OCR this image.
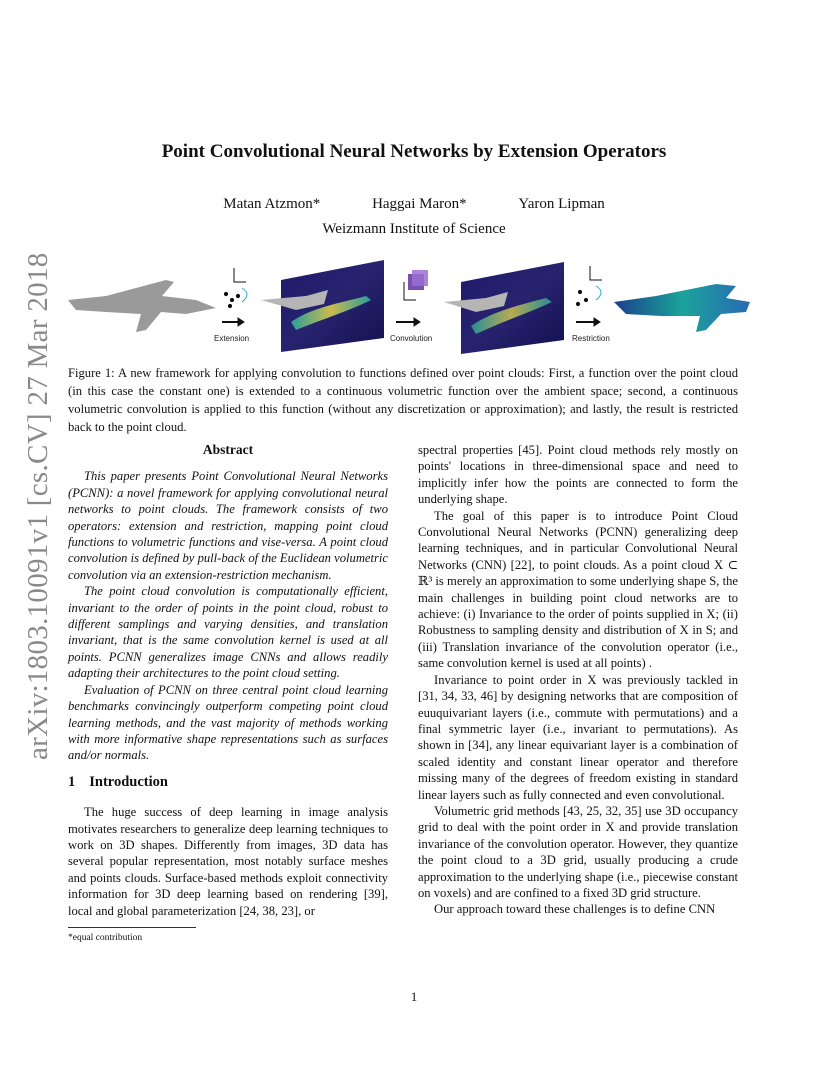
arXiv:1803.10091v1 [cs.CV] 27 Mar 2018
Point Convolutional Neural Networks by Extension Operators
Matan Atzmon*	Haggai Maron*	Yaron Lipman
Weizmann Institute of Science
Extension	Convolution	Restriction
Figure 1: A new framework for applying convolution to functions defined over point clouds: First, a function over the point cloud (in this case the constant one) is extended to a continuous volumetric function over the ambient space; second, a continuous volumetric convolution is applied to this function (without any discretization or approximation); and lastly, the result is restricted back to the point cloud.
Abstract

This paper presents Point Convolutional Neural Networks (PCNN): a novel framework for applying convolutional neural networks to point clouds. The framework consists of two operators: extension and restriction, mapping point cloud functions to volumetric functions and vise-versa. A point cloud convolution is defined by pull-back of the Euclidean volumetric convolution via an extension-restriction mechanism.

The point cloud convolution is computationally efficient, invariant to the order of points in the point cloud, robust to different samplings and varying densities, and translation invariant, that is the same convolution kernel is used at all points. PCNN generalizes image CNNs and allows readily adapting their architectures to the point cloud setting.

Evaluation of PCNN on three central point cloud learning benchmarks convincingly outperform competing point cloud learning methods, and the vast majority of methods working with more informative shape representations such as surfaces and/or normals.

1 Introduction

The huge success of deep learning in image analysis motivates researchers to generalize deep learning techniques to work on 3D shapes. Differently from images, 3D data has several popular representation, most notably surface meshes and points clouds. Surface-based methods exploit connectivity information for 3D deep learning based on rendering [39], local and global parameterization [24, 38, 23], or

*equal contribution

spectral properties [45]. Point cloud methods rely mostly on points' locations in three-dimensional space and need to implicitly infer how the points are connected to form the underlying shape.

The goal of this paper is to introduce Point Cloud Convolutional Neural Networks (PCNN) generalizing deep learning techniques, and in particular Convolutional Neural Networks (CNN) [22], to point clouds. As a point cloud X ⊂ ℝ³ is merely an approximation to some underlying shape S, the main challenges in building point cloud networks are to achieve: (i) Invariance to the order of points supplied in X; (ii) Robustness to sampling density and distribution of X in S; and (iii) Translation invariance of the convolution operator (i.e., same convolution kernel is used at all points) .

Invariance to point order in X was previously tackled in [31, 34, 33, 46] by designing networks that are composition of euuquivariant layers (i.e., commute with permutations) and a final symmetric layer (i.e., invariant to permutations). As shown in [34], any linear equivariant layer is a combination of scaled identity and constant linear operator and therefore missing many of the degrees of freedom existing in standard linear layers such as fully connected and even convolutional.

Volumetric grid methods [43, 25, 32, 35] use 3D occupancy grid to deal with the point order in X and provide translation invariance of the convolution operator. However, they quantize the point cloud to a 3D grid, usually producing a crude approximation to the underlying shape (i.e., piecewise constant on voxels) and are confined to a fixed 3D grid structure.

Our approach toward these challenges is to define CNN

1
